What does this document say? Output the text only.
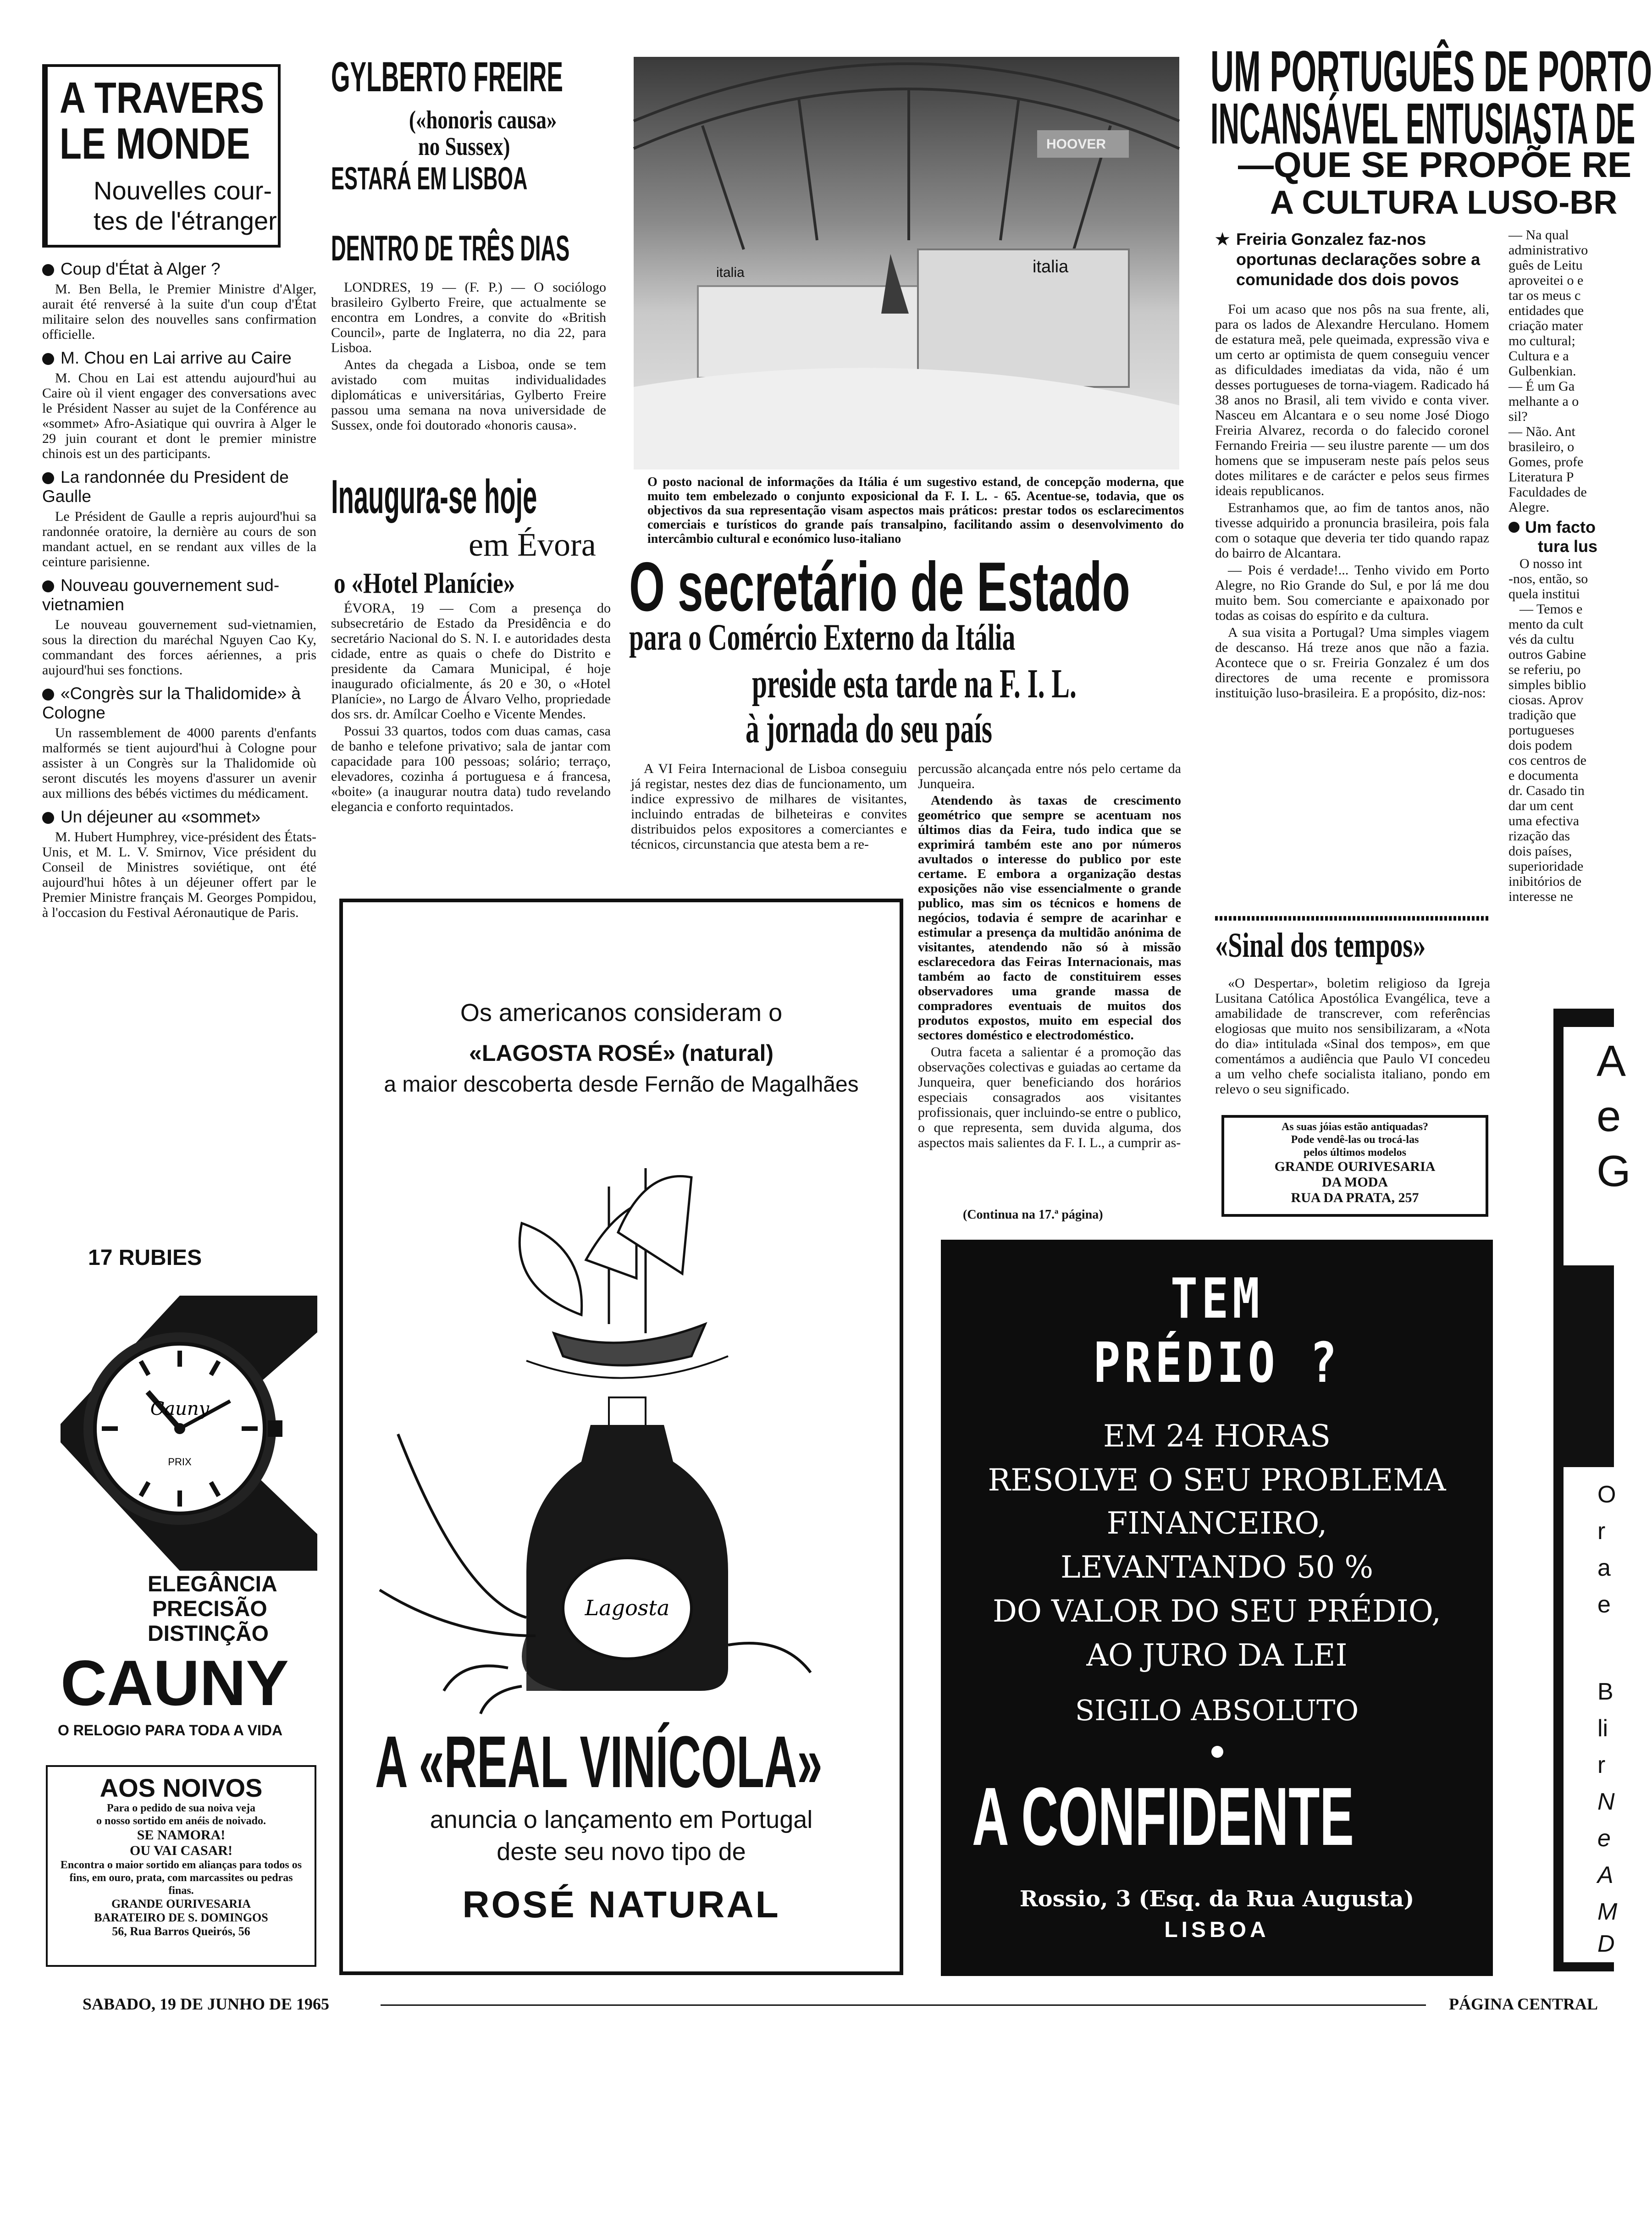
A TRAVERS
LE MONDE
Nouvelles cour-
tes de l'étranger
Coup d'État à Alger ?

M. Ben Bella, le Premier Ministre d'Alger, aurait été renversé à la suite d'un coup d'État militaire selon des nouvelles sans confirmation officielle.

M. Chou en Lai arrive au Caire

M. Chou en Lai est attendu aujourd'hui au Caire où il vient engager des conversations avec le Président Nasser au sujet de la Conférence au «sommet» Afro-Asiatique qui ouvrira à Alger le 29 juin courant et dont le premier ministre chinois est un des participants.

La randonnée du President de Gaulle

Le Président de Gaulle a repris aujourd'hui sa randonnée oratoire, la dernière au cours de son mandant actuel, en se rendant aux villes de la ceinture parisienne.

Nouveau gouvernement sud-vietnamien

Le nouveau gouvernement sud-vietnamien, sous la direction du maréchal Nguyen Cao Ky, commandant des forces aériennes, a pris aujourd'hui ses fonctions.

«Congrès sur la Thalidomide» à Cologne

Un rassemblement de 4000 parents d'enfants malformés se tient aujourd'hui à Cologne pour assister à un Congrès sur la Thalidomide où seront discutés les moyens d'assurer un avenir aux millions des bébés victimes du médicament.

Un déjeuner au «sommet»

M. Hubert Humphrey, vice-président des États-Unis, et M. L. V. Smirnov, Vice président du Conseil de Ministres soviétique, ont été aujourd'hui hôtes à un déjeuner offert par le Premier Ministre français M. Georges Pompidou, à l'occasion du Festival Aéronautique de Paris.

17 RUBIES
Cauny
PRIX
ELEGÂNCIA
PRECISÃO
DISTINÇÃO
CAUNY
O RELOGIO PARA TODA A VIDA
AOS NOIVOS
Para o pedido de sua noiva veja
o nosso sortido em anéis de noivado.
SE NAMORA!
OU VAI CASAR!
Encontra o maior sortido em alianças para todos os fins, em ouro, prata, com marcassites ou pedras finas.
GRANDE OURIVESARIA
BARATEIRO DE S. DOMINGOS
56, Rua Barros Queirós, 56
GYLBERTO FREIRE
(«honoris causa»
no Sussex)
ESTARÁ EM LISBOA
DENTRO DE TRÊS DIAS

LONDRES, 19 — (F. P.) — O sociólogo brasileiro Gylberto Freire, que actualmente se encontra em Londres, a convite do «British Council», parte de Inglaterra, no dia 22, para Lisboa.

Antes da chegada a Lisboa, onde se tem avistado com muitas individualidades diplomáticas e universitárias, Gylberto Freire passou uma semana na nova universidade de Sussex, onde foi doutorado «honoris causa».

Inaugura-se hoje
em Évora
o «Hotel Planície»

ÉVORA, 19 — Com a presença do subsecretário de Estado da Presidência e do secretário Nacional do S. N. I. e autoridades desta cidade, entre as quais o chefe do Distrito e presidente da Camara Municipal, é hoje inaugurado oficialmente, ás 20 e 30, o «Hotel Planície», no Largo de Álvaro Velho, propriedade dos srs. dr. Amílcar Coelho e Vicente Mendes.

Possui 33 quartos, todos com duas camas, casa de banho e telefone privativo; sala de jantar com capacidade para 100 pessoas; solário; terraço, elevadores, cozinha á portuguesa e á francesa, «boite» (a inaugurar noutra data) tudo revelando elegancia e conforto requintados.

italia	italia
HOOVER

O posto nacional de informações da Itália é um sugestivo estand, de concepção moderna, que muito tem embelezado o conjunto exposicional da F. I. L. - 65. Acentue-se, todavia, que os objectivos da sua representação visam aspectos mais práticos: prestar todos os esclarecimentos comerciais e turísticos do grande país transalpino, facilitando assim o desenvolvimento do intercâmbio cultural e económico luso-italiano

O secretário de Estado
para o Comércio Externo da Itália
preside esta tarde na F. I. L.
à jornada do seu país

A VI Feira Internacional de Lisboa conseguiu já registar, nestes dez dias de funcionamento, um indice expressivo de milhares de visitantes, incluindo entradas de bilheteiras e convites distribuidos pelos expositores a comerciantes e técnicos, circunstancia que atesta bem a re-

percussão alcançada entre nós pelo certame da Junqueira.

Atendendo às taxas de crescimento geométrico que sempre se acentuam nos últimos dias da Feira, tudo indica que se exprimirá também este ano por números avultados o interesse do publico por este certame. E embora a organização destas exposições não vise essencialmente o grande publico, mas sim os técnicos e homens de negócios, todavia é sempre de acarinhar e estimular a presença da multidão anónima de visitantes, atendendo não só à missão esclarecedora das Feiras Internacionais, mas também ao facto de constituirem esses observadores uma grande massa de compradores eventuais de muitos dos produtos expostos, muito em especial dos sectores doméstico e electrodoméstico.

Outra faceta a salientar é a promoção das observações colectivas e guiadas ao certame da Junqueira, quer beneficiando dos horários especiais consagrados aos visitantes profissionais, quer incluindo-se entre o publico, o que representa, sem duvida alguma, dos aspectos mais salientes da F. I. L., a cumprir as-

(Continua na 17.ª página)
Os americanos consideram o
«LAGOSTA ROSÉ» (natural)
a maior descoberta desde Fernão de Magalhães
Lagosta
A «REAL VINÍCOLA»
anuncia o lançamento em Portugal
deste seu novo tipo de
ROSÉ NATURAL
UM PORTUGUÊS DE PORTO
INCANSÁVEL ENTUSIASTA DE
—QUE SE PROPÕE RE
A CULTURA LUSO-BR
★ Freiria Gonzalez faz-nos oportunas declarações sobre a comunidade dos dois povos

Foi um acaso que nos pôs na sua frente, ali, para os lados de Alexandre Herculano. Homem de estatura meã, pele queimada, expressão viva e um certo ar optimista de quem conseguiu vencer as dificuldades imediatas da vida, não é um desses portugueses de torna-viagem. Radicado há 38 anos no Brasil, ali tem vivido e conta viver. Nasceu em Alcantara e o seu nome José Diogo Freiria Alvarez, recorda o do falecido coronel Fernando Freiria — seu ilustre parente — um dos homens que se impuseram neste país pelos seus dotes militares e de carácter e pelos seus firmes ideais republicanos.

Estranhamos que, ao fim de tantos anos, não tivesse adquirido a pronuncia brasileira, pois fala com o sotaque que deveria ter tido quando rapaz do bairro de Alcantara.

— Pois é verdade!... Tenho vivido em Porto Alegre, no Rio Grande do Sul, e por lá me dou muito bem. Sou comerciante e apaixonado por todas as coisas do espírito e da cultura.

A sua visita a Portugal? Uma simples viagem de descanso. Há treze anos que não a fazia. Acontece que o sr. Freiria Gonzalez é um dos directores de uma recente e promissora instituição luso-brasileira. E a propósito, diz-nos:

— Na qual
administrativo
guês de Leitu
aproveitei o e
tar os meus c
entidades que
criação mater
mo cultural;
Cultura e a
Gulbenkian.
— É um Ga
melhante a o
sil?
— Não. Ant
brasileiro, o
Gomes, profe
Literatura P
Faculdades de
Alegre.
Um facto
tura lus
O nosso int
-nos, então, so
quela institui
— Temos e
mento da cult
vés da cultu
outros Gabine
se referiu, po
simples biblio
ciosas. Aprov
tradição que
portugueses
dois podem
cos centros de
e documenta
dr. Casado tin
dar um cent
uma efectiva
rização das
dois países,
superioridade
inibitórios de
interesse ne
«Sinal dos tempos»

«O Despertar», boletim religioso da Igreja Lusitana Católica Apostólica Evangélica, teve a amabilidade de transcrever, com referências elogiosas que muito nos sensibilizaram, a «Nota do dia» intitulada «Sinal dos tempos», em que comentámos a audiência que Paulo VI concedeu a um velho chefe socialista italiano, pondo em relevo o seu significado.

As suas jóias estão antiquadas?
Pode vendê-las ou trocá-las
pelos últimos modelos
GRANDE OURIVESARIA
DA MODA
RUA DA PRATA, 257
TEM
PRÉDIO ?
EM 24 HORAS
RESOLVE O SEU PROBLEMA
FINANCEIRO,
LEVANTANDO 50 %
DO VALOR DO SEU PRÉDIO,
AO JURO DA LEI
SIGILO ABSOLUTO
A CONFIDENTE
Rossio, 3 (Esq. da Rua Augusta)
LISBOA
A
e
G
O
r
a
e
B
li
r
N
e
A
M
D
SABADO, 19 DE JUNHO DE 1965	PÁGINA CENTRAL
